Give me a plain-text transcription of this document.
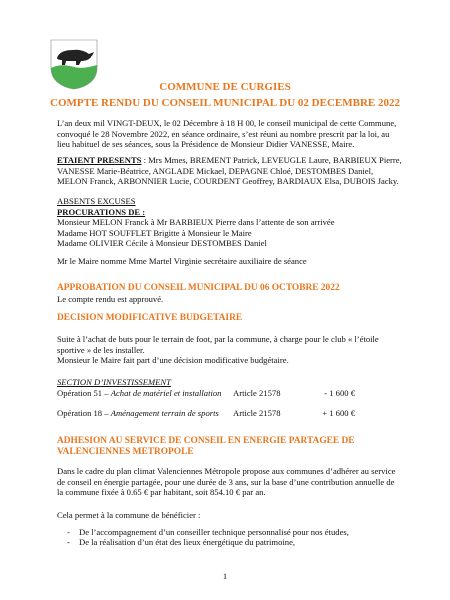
COMMUNE DE CURGIES
COMPTE RENDU DU CONSEIL MUNICIPAL DU 02 DECEMBRE 2022

L’an deux mil VINGT-DEUX, le 02 Décembre à 18 H 00, le conseil municipal de cette Commune, convoqué le 28 Novembre 2022, en séance ordinaire, s’est réuni au nombre prescrit par la loi, au lieu habituel de ses séances, sous la Présidence de Monsieur Didier VANESSE, Maire.

ETAIENT PRESENTS : Mrs Mmes, BREMENT Patrick, LEVEUGLE Laure, BARBIEUX Pierre, VANESSE Marie-Béatrice, ANGLADE Mickael, DEPAGNE Chloé, DESTOMBES Daniel, MELON Franck, ARBONNIER Lucie, COURDENT Geoffrey, BARDIAUX Elsa, DUBOIS Jacky.

ABSENTS EXCUSES

PROCURATIONS DE :

Monsieur MELON Franck à Mr BARBIEUX Pierre dans l’attente de son arrivée

Madame HOT SOUFFLET Brigitte à Monsieur le Maire

Madame OLIVIER Cécile à Monsieur DESTOMBES Daniel

Mr le Maire nomme Mme Martel Virginie secrétaire auxiliaire de séance

APPROBATION DU CONSEIL MUNICIPAL DU 06 OCTOBRE 2022

Le compte rendu est approuvé.

DECISION MODIFICATIVE BUDGETAIRE

Suite à l’achat de buts pour le terrain de foot, par la commune, à charge pour le club « l’étoile sportive » de les installer.

Monsieur le Maire fait part d’une décision modificative budgétaire.

SECTION D’INVESTISSEMENT

Opération 51 – Achat de matériel et installation	Article 21578	- 1 600 €
Opération 18 – Aménagement terrain de sports	Article 21578	+ 1 600 €

ADHESION AU SERVICE DE CONSEIL EN ENERGIE PARTAGEE DE VALENCIENNES METROPOLE

Dans le cadre du plan climat Valenciennes Métropole propose aux communes d’adhérer au service de conseil en énergie partagée, pour une durée de 3 ans, sur la base d’une contribution annuelle de la commune fixée à 0.65 € par habitant, soit 854.10 € par an.

Cela permet à la commune de bénéficier :

- De l’accompagnement d’un conseiller technique personnalisé pour nos études,
- De la réalisation d’un état des lieux énergétique du patrimoine,
1
